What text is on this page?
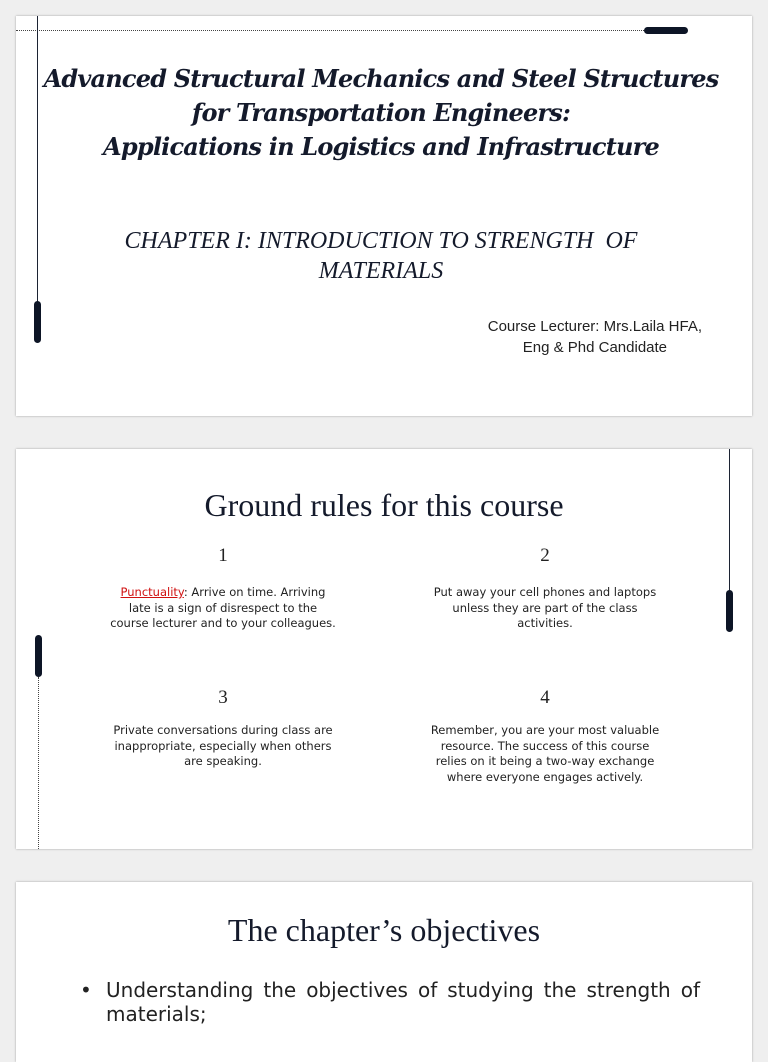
Advanced Structural Mechanics and Steel Structures
for Transportation Engineers:
Applications in Logistics and Infrastructure
CHAPTER I: INTRODUCTION TO STRENGTH  OF
MATERIALS
Course Lecturer: Mrs.Laila HFA,
Eng & Phd Candidate
Ground rules for this course
1
Punctuality: Arrive on time. Arriving late is a sign of disrespect to the course lecturer and to your colleagues.
2
Put away your cell phones and laptops unless they are part of the class activities.
3
Private conversations during class are inappropriate, especially when others are speaking.
4
Remember, you are your most valuable resource. The success of this course relies on it being a two-way exchange where everyone engages actively.
The chapter’s objectives
• Understanding the objectives of studying the strength of materials;
